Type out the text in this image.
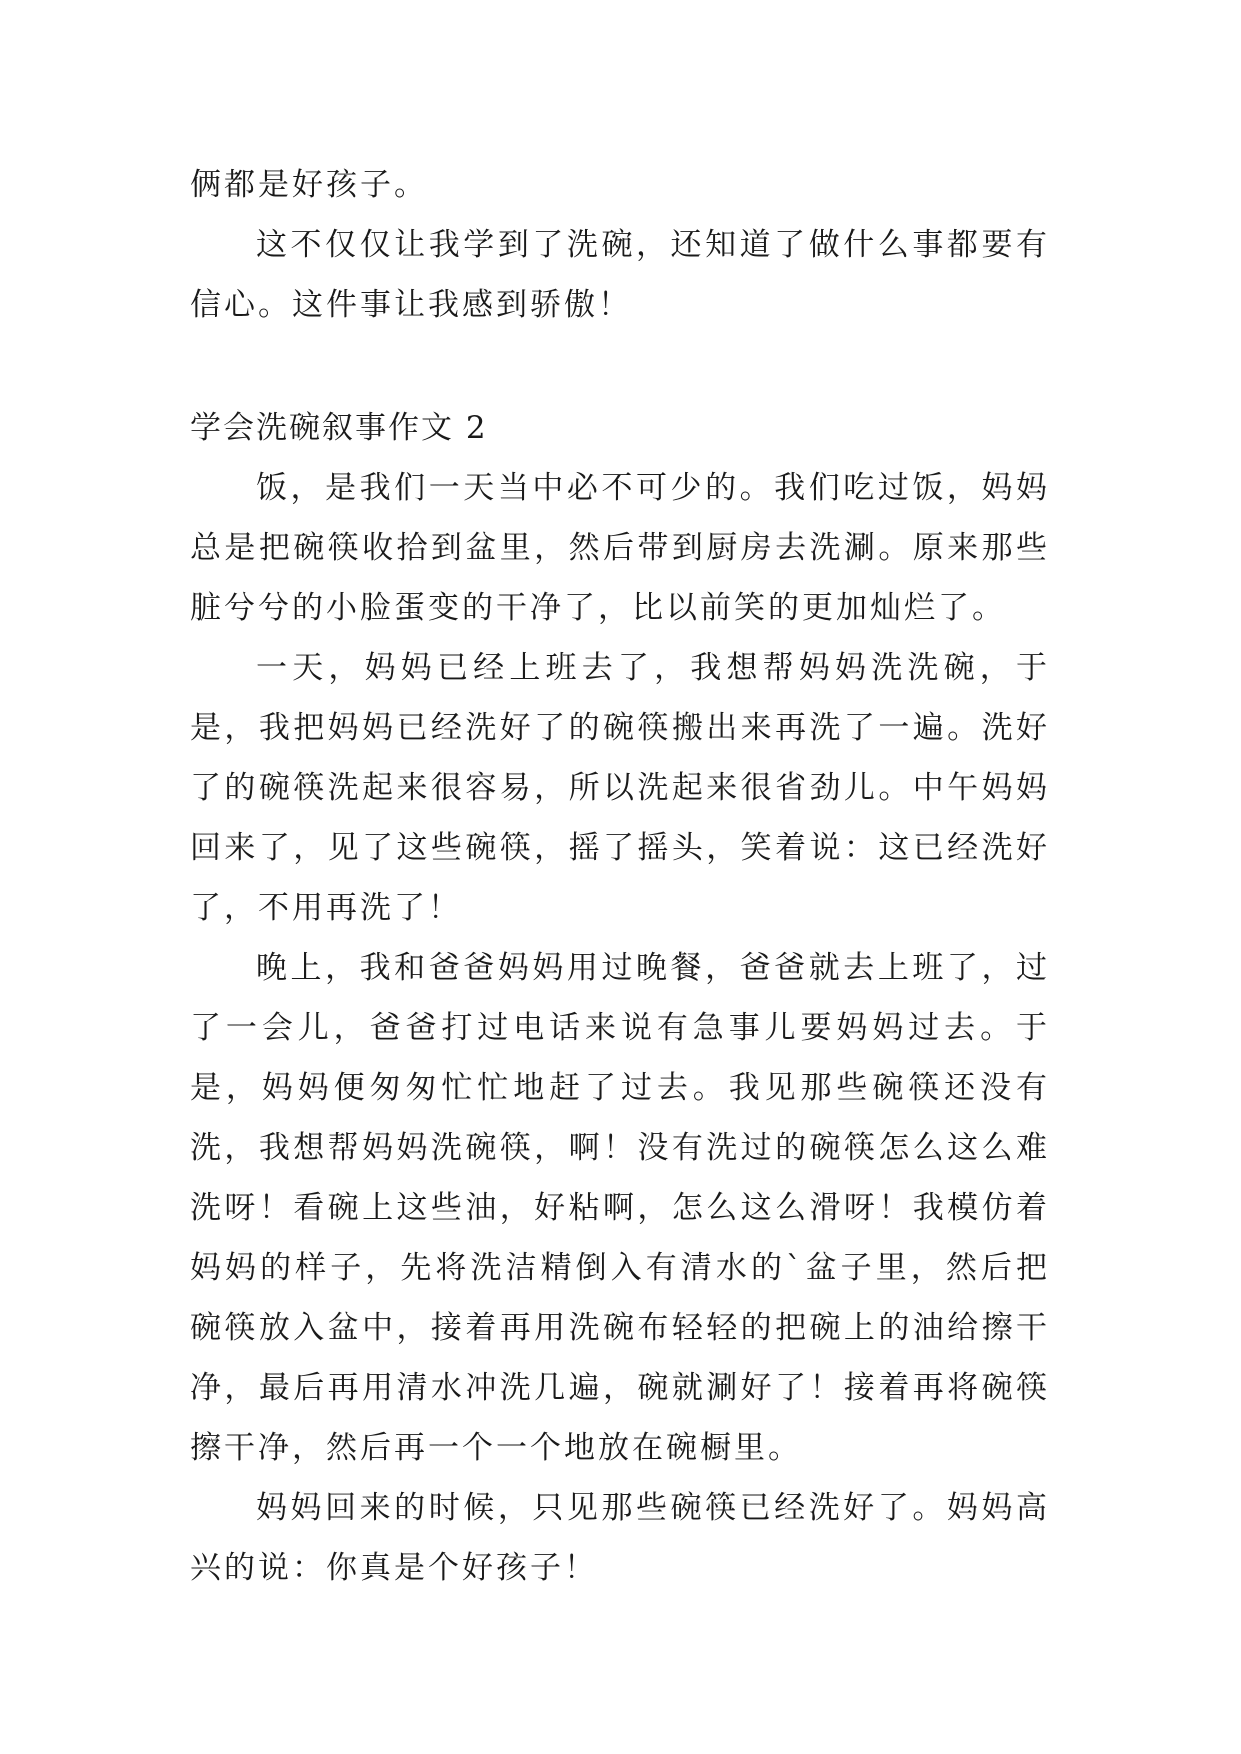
俩都是好孩子。

这不仅仅让我学到了洗碗，还知道了做什么事都要有信心。这件事让我感到骄傲！

学会洗碗叙事作文 2

饭，是我们一天当中必不可少的。我们吃过饭，妈妈总是把碗筷收拾到盆里，然后带到厨房去洗涮。原来那些脏兮兮的小脸蛋变的干净了，比以前笑的更加灿烂了。

一天，妈妈已经上班去了，我想帮妈妈洗洗碗，于是，我把妈妈已经洗好了的碗筷搬出来再洗了一遍。洗好了的碗筷洗起来很容易，所以洗起来很省劲儿。中午妈妈回来了，见了这些碗筷，摇了摇头，笑着说：这已经洗好了，不用再洗了！

晚上，我和爸爸妈妈用过晚餐，爸爸就去上班了，过了一会儿，爸爸打过电话来说有急事儿要妈妈过去。于是，妈妈便匆匆忙忙地赶了过去。我见那些碗筷还没有洗，我想帮妈妈洗碗筷，啊！没有洗过的碗筷怎么这么难洗呀！看碗上这些油，好粘啊，怎么这么滑呀！我模仿着妈妈的样子，先将洗洁精倒入有清水的`盆子里，然后把碗筷放入盆中，接着再用洗碗布轻轻的把碗上的油给擦干净，最后再用清水冲洗几遍，碗就涮好了！接着再将碗筷擦干净，然后再一个一个地放在碗橱里。

妈妈回来的时候，只见那些碗筷已经洗好了。妈妈高兴的说：你真是个好孩子！
